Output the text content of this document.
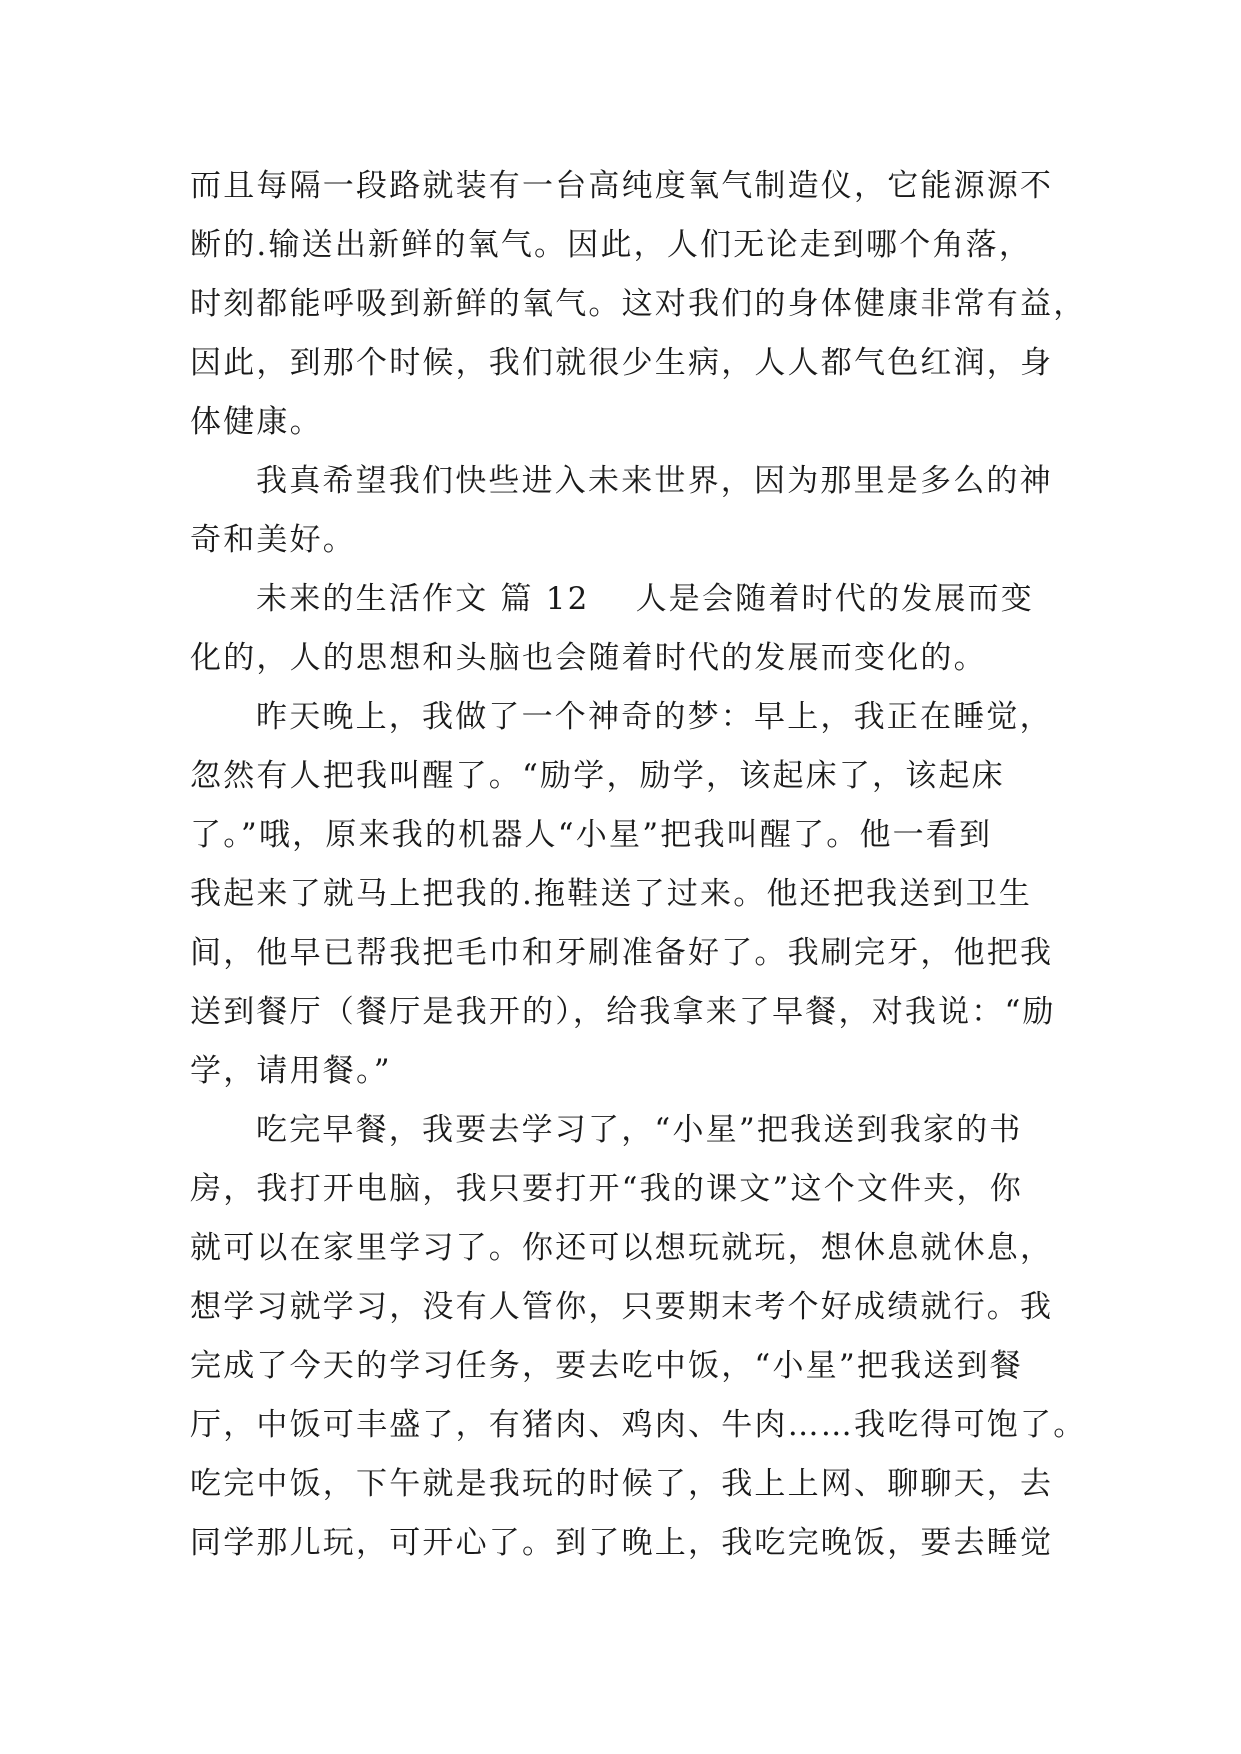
而且每隔一段路就装有一台高纯度氧气制造仪，它能源源不
断的.输送出新鲜的氧气。因此，人们无论走到哪个角落，
时刻都能呼吸到新鲜的氧气。这对我们的身体健康非常有益，
因此，到那个时候，我们就很少生病，人人都气色红润，身
体健康。
我真希望我们快些进入未来世界，因为那里是多么的神
奇和美好。
未来的生活作文 篇 12 人是会随着时代的发展而变
化的，人的思想和头脑也会随着时代的发展而变化的。
昨天晚上，我做了一个神奇的梦：早上，我正在睡觉，
忽然有人把我叫醒了。“励学，励学，该起床了，该起床
了。”哦，原来我的机器人“小星”把我叫醒了。他一看到
我起来了就马上把我的.拖鞋送了过来。他还把我送到卫生
间，他早已帮我把毛巾和牙刷准备好了。我刷完牙，他把我
送到餐厅（餐厅是我开的），给我拿来了早餐，对我说：“励
学，请用餐。”
吃完早餐，我要去学习了，“小星”把我送到我家的书
房，我打开电脑，我只要打开“我的课文”这个文件夹，你
就可以在家里学习了。你还可以想玩就玩，想休息就休息，
想学习就学习，没有人管你，只要期末考个好成绩就行。我
完成了今天的学习任务，要去吃中饭，“小星”把我送到餐
厅，中饭可丰盛了，有猪肉、鸡肉、牛肉……我吃得可饱了。
吃完中饭，下午就是我玩的时候了，我上上网、聊聊天，去
同学那儿玩，可开心了。到了晚上，我吃完晚饭，要去睡觉
